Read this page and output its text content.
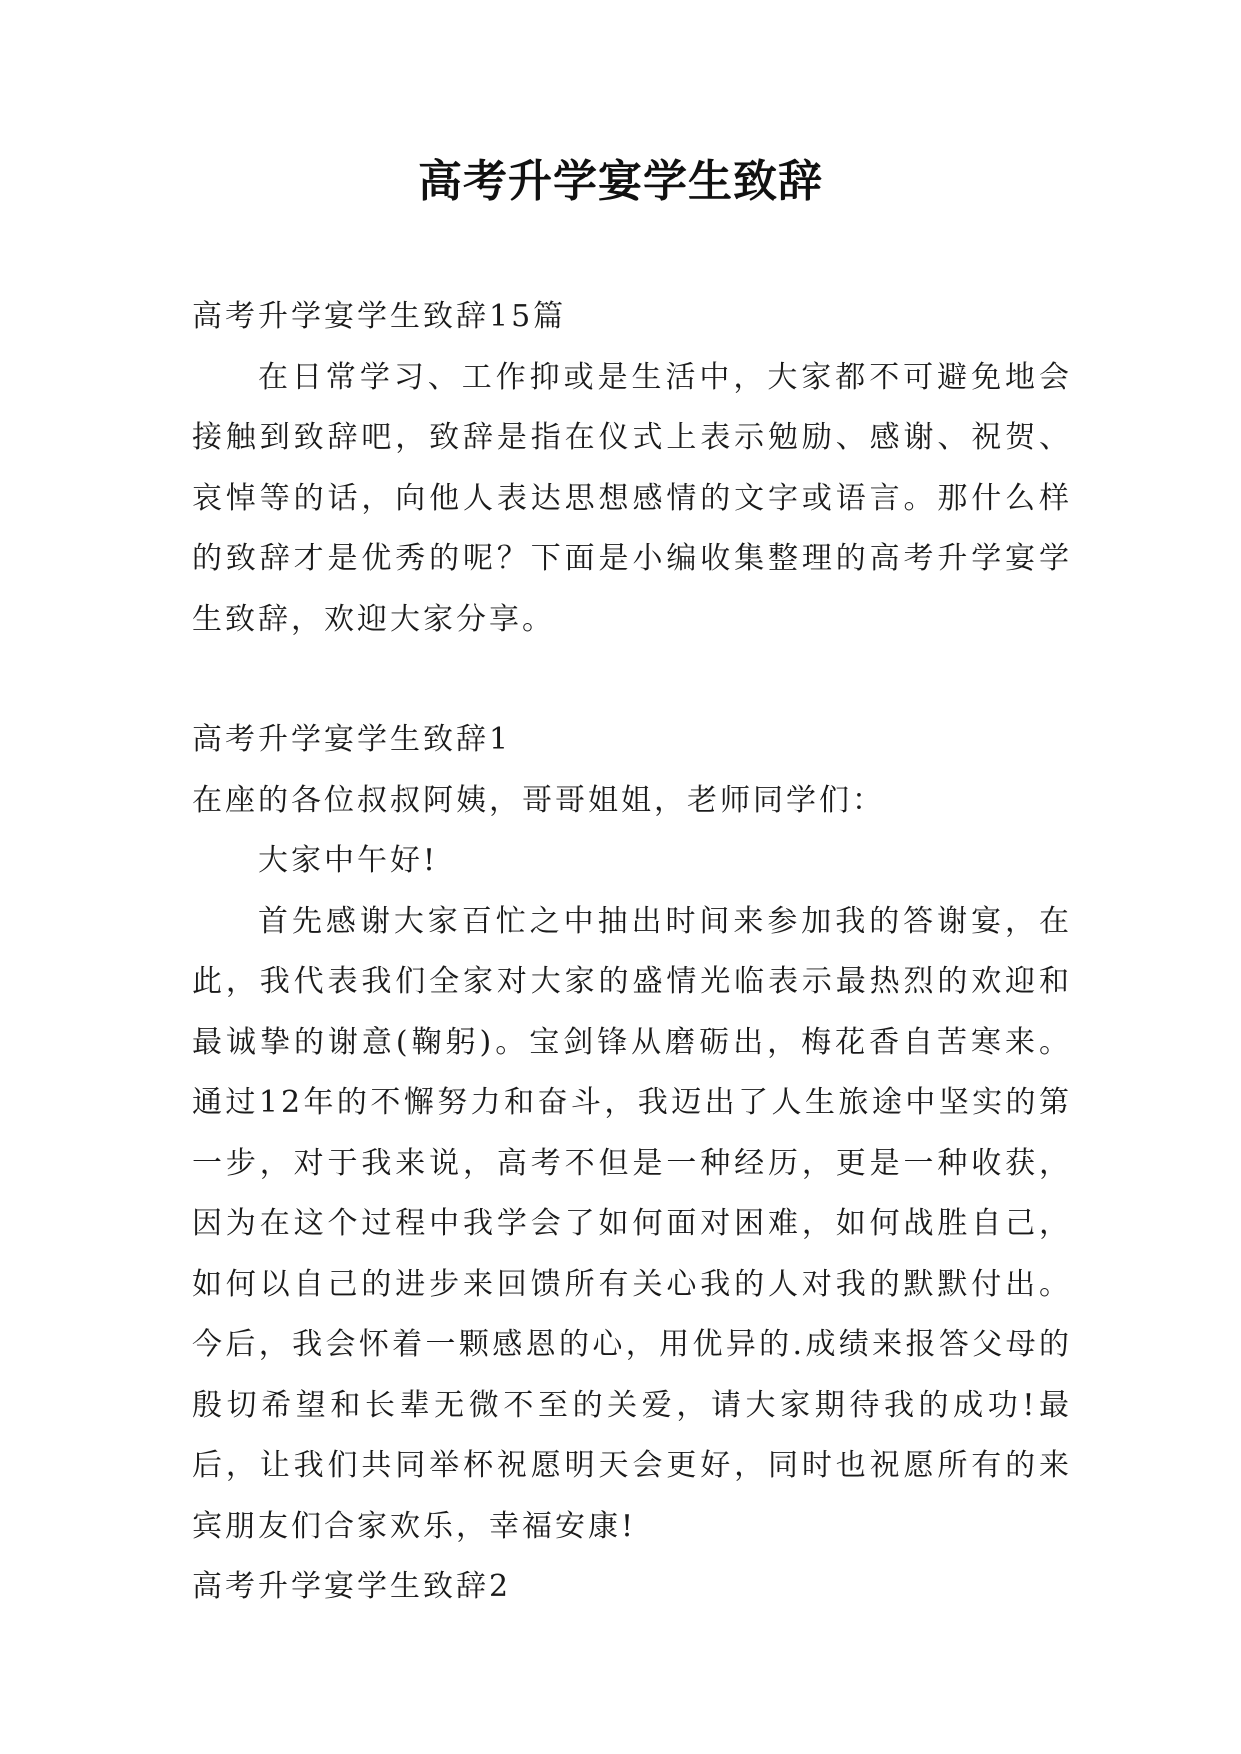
高考升学宴学生致辞

高考升学宴学生致辞15篇

在日常学习、工作抑或是生活中，大家都不可避免地会接触到致辞吧，致辞是指在仪式上表示勉励、感谢、祝贺、哀悼等的话，向他人表达思想感情的文字或语言。那什么样的致辞才是优秀的呢？下面是小编收集整理的高考升学宴学生致辞，欢迎大家分享。

高考升学宴学生致辞1

在座的各位叔叔阿姨，哥哥姐姐，老师同学们：

大家中午好!

首先感谢大家百忙之中抽出时间来参加我的答谢宴，在此，我代表我们全家对大家的盛情光临表示最热烈的欢迎和最诚挚的谢意(鞠躬)。宝剑锋从磨砺出，梅花香自苦寒来。通过12年的不懈努力和奋斗，我迈出了人生旅途中坚实的第一步，对于我来说，高考不但是一种经历，更是一种收获，因为在这个过程中我学会了如何面对困难，如何战胜自己，如何以自己的进步来回馈所有关心我的人对我的默默付出。今后，我会怀着一颗感恩的心，用优异的.成绩来报答父母的殷切希望和长辈无微不至的关爱，请大家期待我的成功!最后，让我们共同举杯祝愿明天会更好，同时也祝愿所有的来宾朋友们合家欢乐，幸福安康!

高考升学宴学生致辞2
